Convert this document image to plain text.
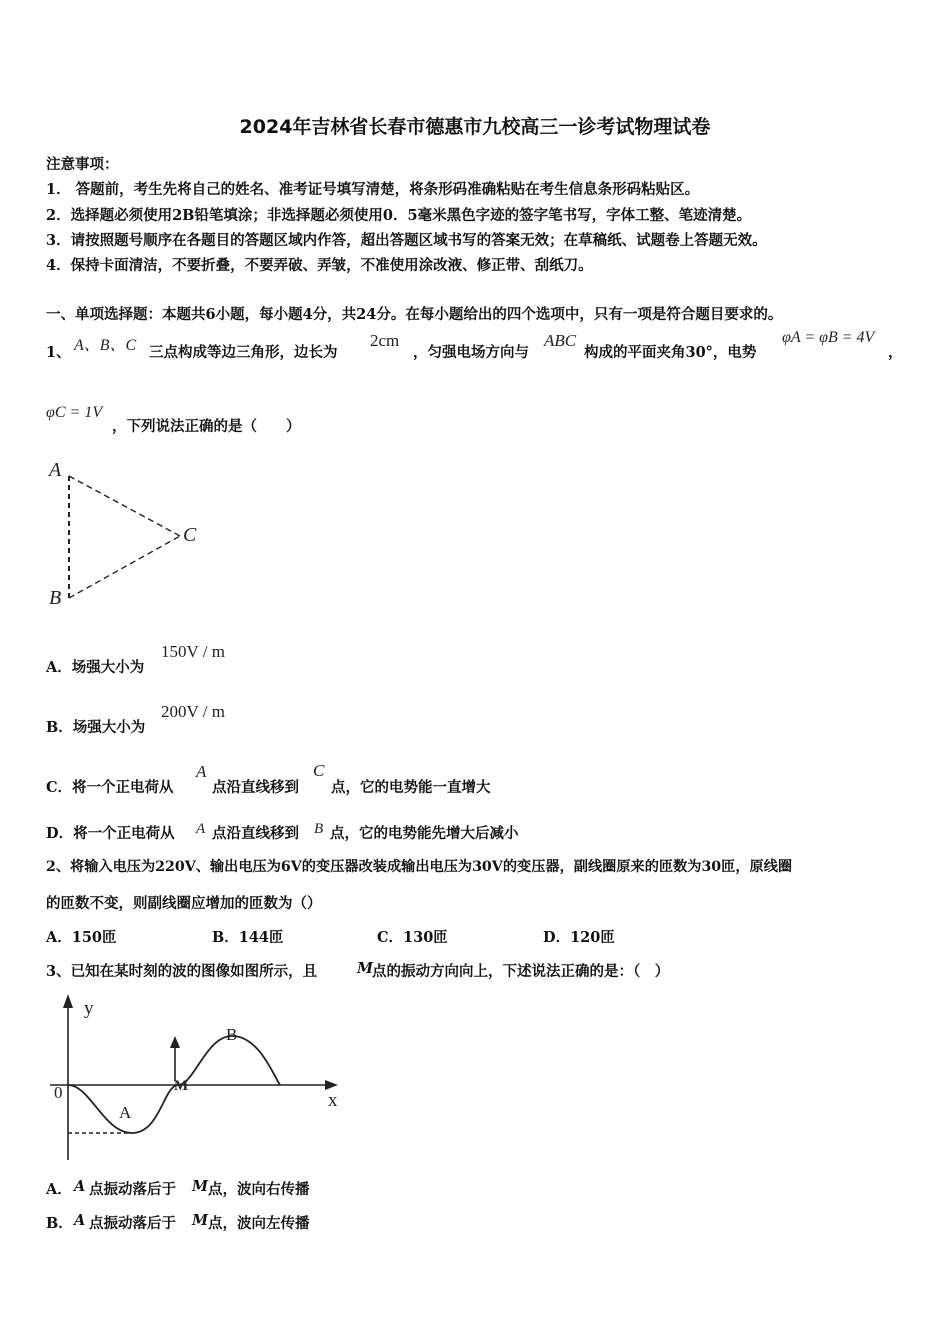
2024年吉林省长春市德惠市九校高三一诊考试物理试卷
注意事项：
1． 答题前，考生先将自己的姓名、准考证号填写清楚，将条形码准确粘贴在考生信息条形码粘贴区。
2．选择题必须使用2B铅笔填涂；非选择题必须使用0．5毫米黑色字迹的签字笔书写，字体工整、笔迹清楚。
3．请按照题号顺序在各题目的答题区域内作答，超出答题区域书写的答案无效；在草稿纸、试题卷上答题无效。
4．保持卡面清洁，不要折叠，不要弄破、弄皱，不准使用涂改液、修正带、刮纸刀。
一、单项选择题：本题共6小题，每小题4分，共24分。在每小题给出的四个选项中，只有一项是符合题目要求的。
1、 A、B、C 三点构成等边三角形，边长为
2cm
，匀强电场方向与
ABC
构成的平面夹角30°，电势
φA = φB = 4V
，
φC = 1V
，下列说法正确的是（　　）
A
B
C
A．场强大小为
150V / m
B．场强大小为
200V / m
C．将一个正电荷从
A
点沿直线移到
C
点，它的电势能一直增大
D．将一个正电荷从 A 点沿直线移到 B 点，它的电势能先增大后减小
2、将输入电压为220V、输出电压为6V的变压器改装成输出电压为30V的变压器，副线圈原来的匝数为30匝，原线圈
的匝数不变，则副线圈应增加的匝数为（）
A．150匝	B．144匝	C．130匝	D．120匝
3、已知在某时刻的波的图像如图所示，且	M
点的振动方向向上，下述说法正确的是：（　）
y
x
0
A
B
M
A． A 点振动落后于 M 点，波向右传播
B． A 点振动落后于 M 点，波向左传播
